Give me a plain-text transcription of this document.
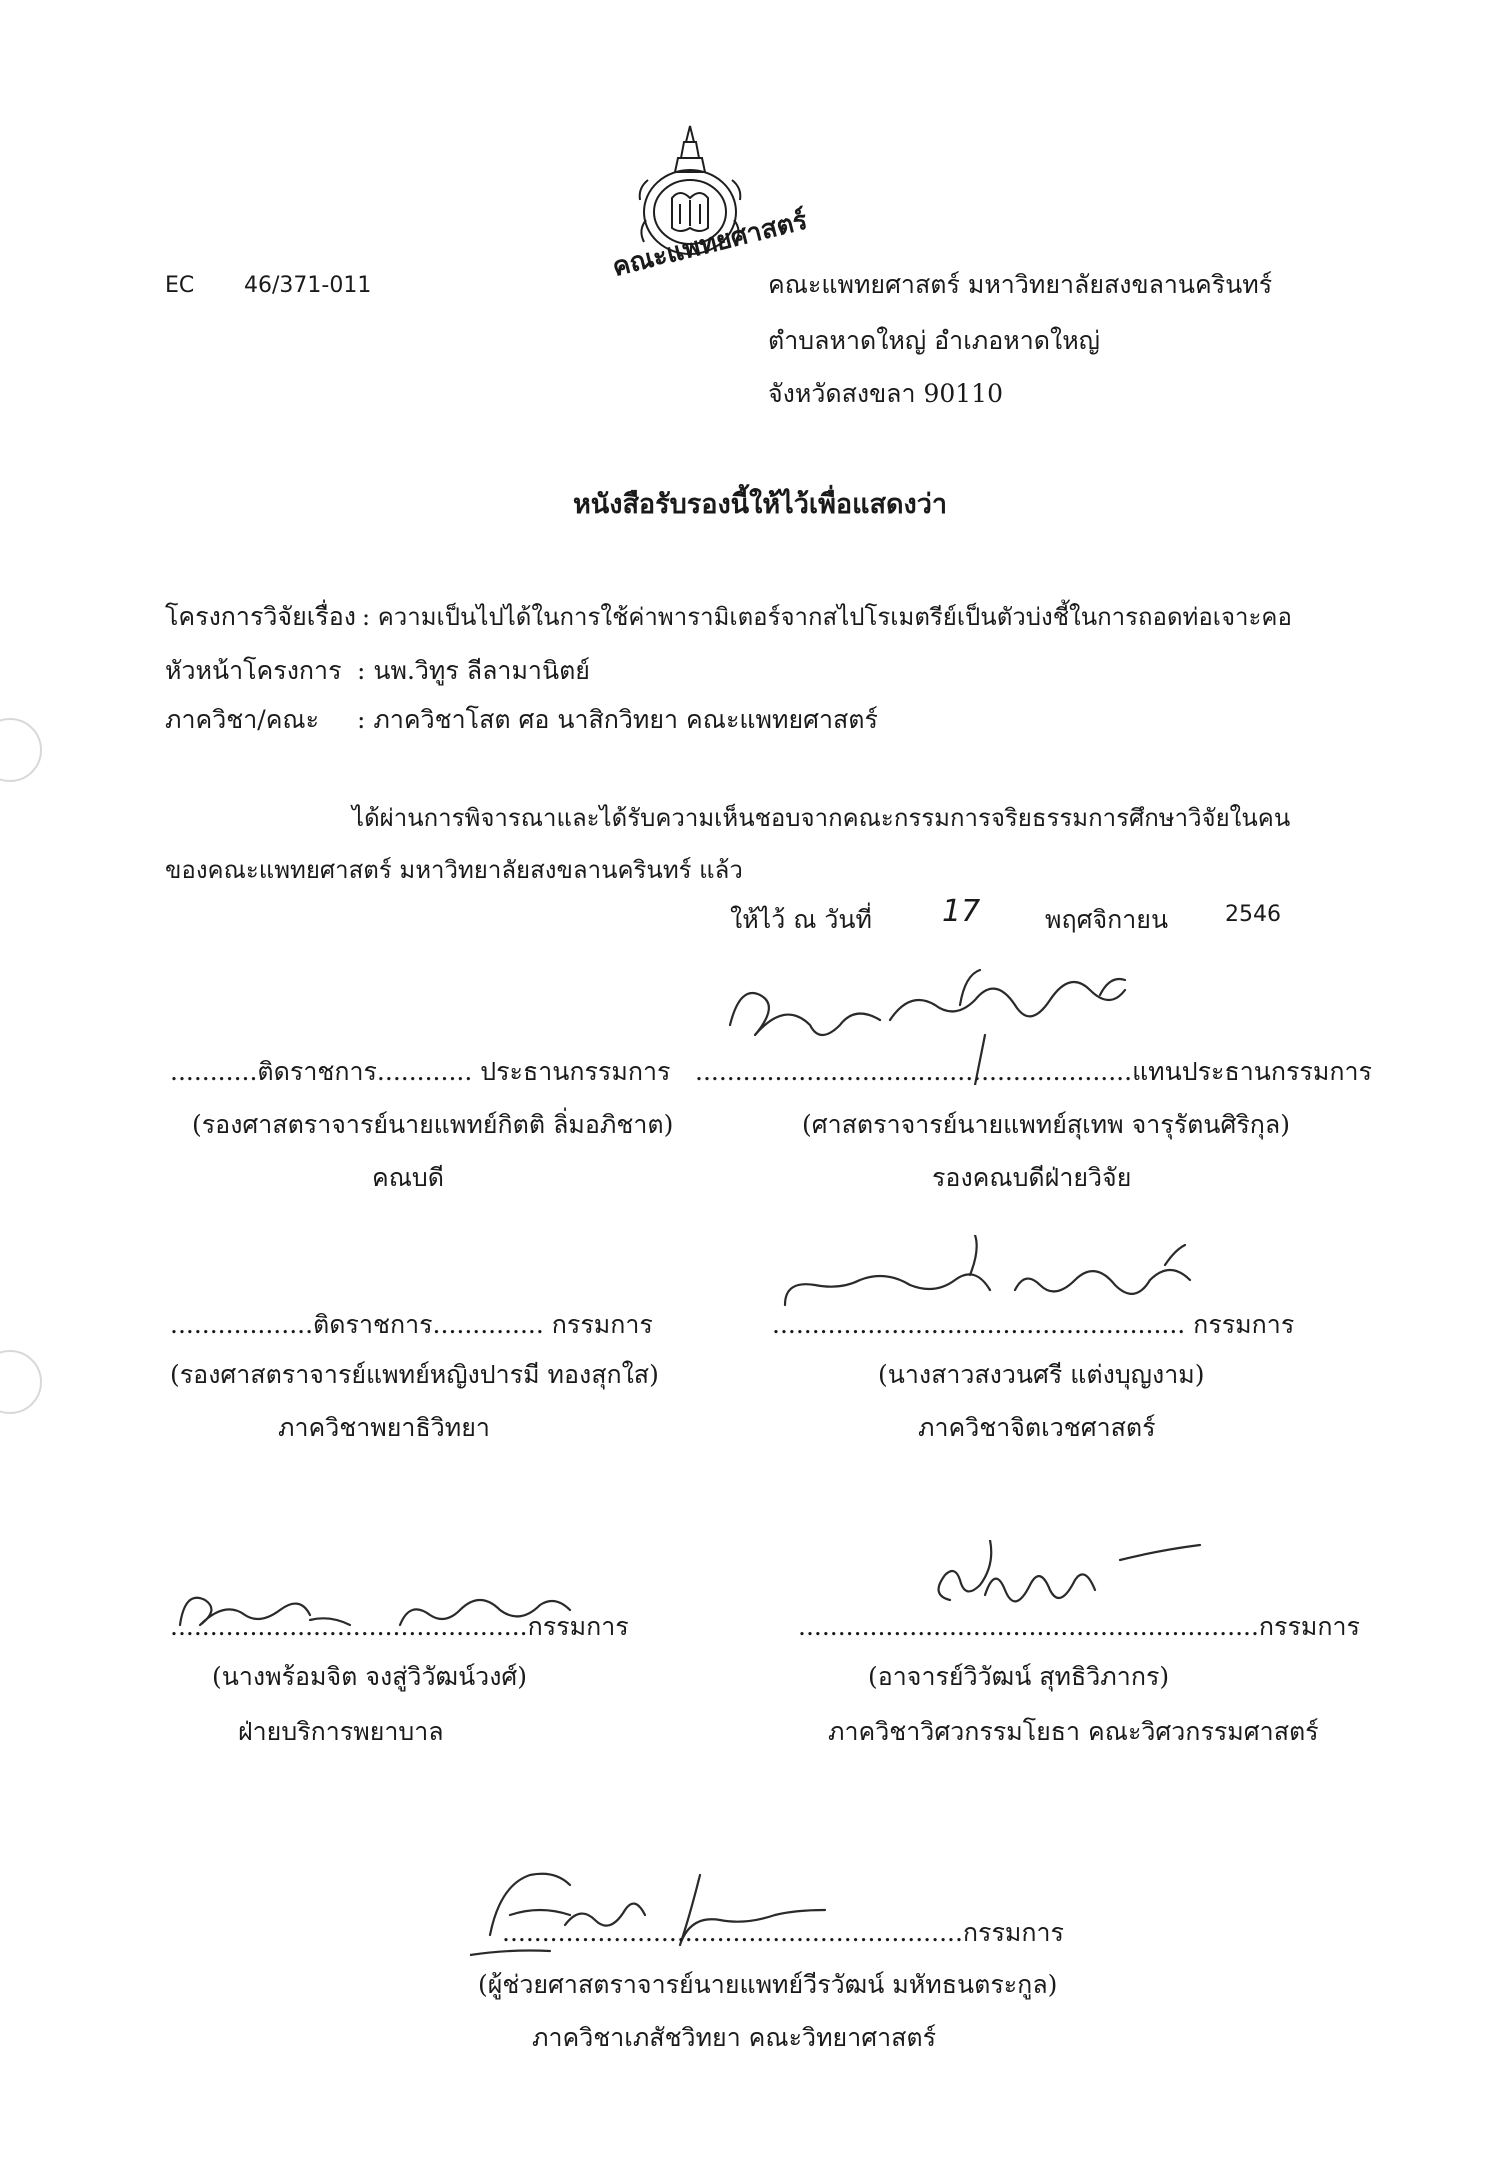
คณะแพทยศาสตร์
EC 46/371-011	คณะแพทยศาสตร์ มหาวิทยาลัยสงขลานครินทร์
ตำบลหาดใหญ่ อำเภอหาดใหญ่
จังหวัดสงขลา 90110
หนังสือรับรองนี้ให้ไว้เพื่อแสดงว่า
โครงการวิจัยเรื่อง : ความเป็นไปได้ในการใช้ค่าพารามิเตอร์จากสไปโรเมตรีย์เป็นตัวบ่งชี้ในการถอดท่อเจาะคอ
หัวหน้าโครงการ : นพ.วิทูร ลีลามานิตย์
ภาควิชา/คณะ : ภาควิชาโสต ศอ นาสิกวิทยา คณะแพทยศาสตร์
ได้ผ่านการพิจารณาและได้รับความเห็นชอบจากคณะกรรมการจริยธรรมการศึกษาวิจัยในคน
ของคณะแพทยศาสตร์ มหาวิทยาลัยสงขลานครินทร์ แล้ว
ให้ไว้ ณ วันที่ 17	พฤศจิกายน	2546
...........ติดราชการ............ ประธานกรรมการ
(รองศาสตราจารย์นายแพทย์กิตติ ลิ่มอภิชาต)
คณบดี
.......................................................แทนประธานกรรมการ
(ศาสตราจารย์นายแพทย์สุเทพ จารุรัตนศิริกุล)
รองคณบดีฝ่ายวิจัย
..................ติดราชการ.............. กรรมการ
(รองศาสตราจารย์แพทย์หญิงปารมี ทองสุกใส)
ภาควิชาพยาธิวิทยา
.................................................... กรรมการ
(นางสาวสงวนศรี แต่งบุญงาม)
ภาควิชาจิตเวชศาสตร์
.............................................กรรมการ
(นางพร้อมจิต จงสู่วิวัฒน์วงศ์)
ฝ่ายบริการพยาบาล
..........................................................กรรมการ
(อาจารย์วิวัฒน์ สุทธิวิภากร)
ภาควิชาวิศวกรรมโยธา คณะวิศวกรรมศาสตร์
..........................................................กรรมการ
(ผู้ช่วยศาสตราจารย์นายแพทย์วีรวัฒน์ มหัทธนตระกูล)
ภาควิชาเภสัชวิทยา คณะวิทยาศาสตร์
